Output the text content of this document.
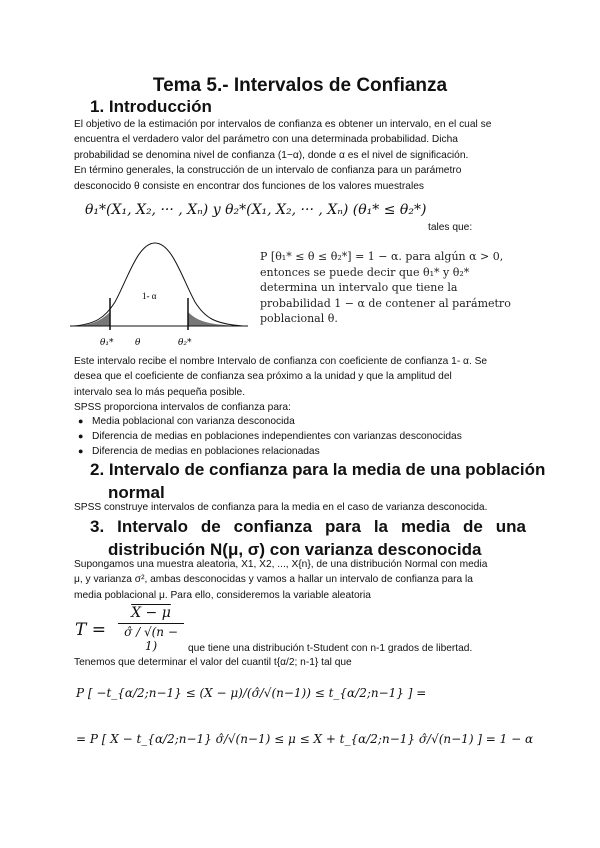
Tema 5.- Intervalos de Confianza
1. Introducción
El objetivo de la estimación por intervalos de confianza es obtener un intervalo, en el cual se
encuentra el verdadero valor del parámetro con una determinada probabilidad. Dicha
probabilidad se denomina nivel de confianza (1−α), donde α es el nivel de significación.
En término generales, la construcción de un intervalo de confianza para un parámetro
desconocido θ consiste en encontrar dos funciones de los valores muestrales
θ₁*(X₁, X₂, ··· , Xₙ) y θ₂*(X₁, X₂, ··· , Xₙ) (θ₁* ≤ θ₂*)
tales que:
1- α
θ₁* θ	θ₂*
P [θ₁* ≤ θ ≤ θ₂*] = 1 − α. para algún α > 0,
entonces se puede decir que θ₁* y θ₂*
determina un intervalo que tiene la
probabilidad 1 − α de contener al parámetro
poblacional θ.
Este intervalo recibe el nombre Intervalo de confianza con coeficiente de confianza 1- α. Se
desea que el coeficiente de confianza sea próximo a la unidad y que la amplitud del
intervalo sea lo más pequeña posible.
SPSS proporciona intervalos de confianza para:
● Media poblacional con varianza desconocida
● Diferencia de medias en poblaciones independientes con varianzas desconocidas
● Diferencia de medias en poblaciones relacionadas
2. Intervalo de confianza para la media de una población
normal
SPSS construye intervalos de confianza para la media en el caso de varianza desconocida.
3. Intervalo de confianza para la media de una
distribución N(μ, σ) con varianza desconocida
Supongamos una muestra aleatoria, X1, X2, ..., X{n}, de una distribución Normal con media
μ, y varianza σ², ambas desconocidas y vamos a hallar un intervalo de confianza para la
media poblacional μ. Para ello, consideremos la variable aleatoria
$T = \frac{X - \mu}{\sigmâ / √(n - 1)}$ que tiene una distribución t-Student con n-1 grados de libertad.
Tenemos que determinar el valor del cuantil t{α/2; n-1} tal que
P [ −t_{α/2;n−1} ≤ (X − μ)/(σ̂/√(n−1)) ≤ t_{α/2;n−1} ] =
= P [ X − t_{α/2;n−1} σ̂/√(n−1) ≤ μ ≤ X + t_{α/2;n−1} σ̂/√(n−1) ] = 1 − α
